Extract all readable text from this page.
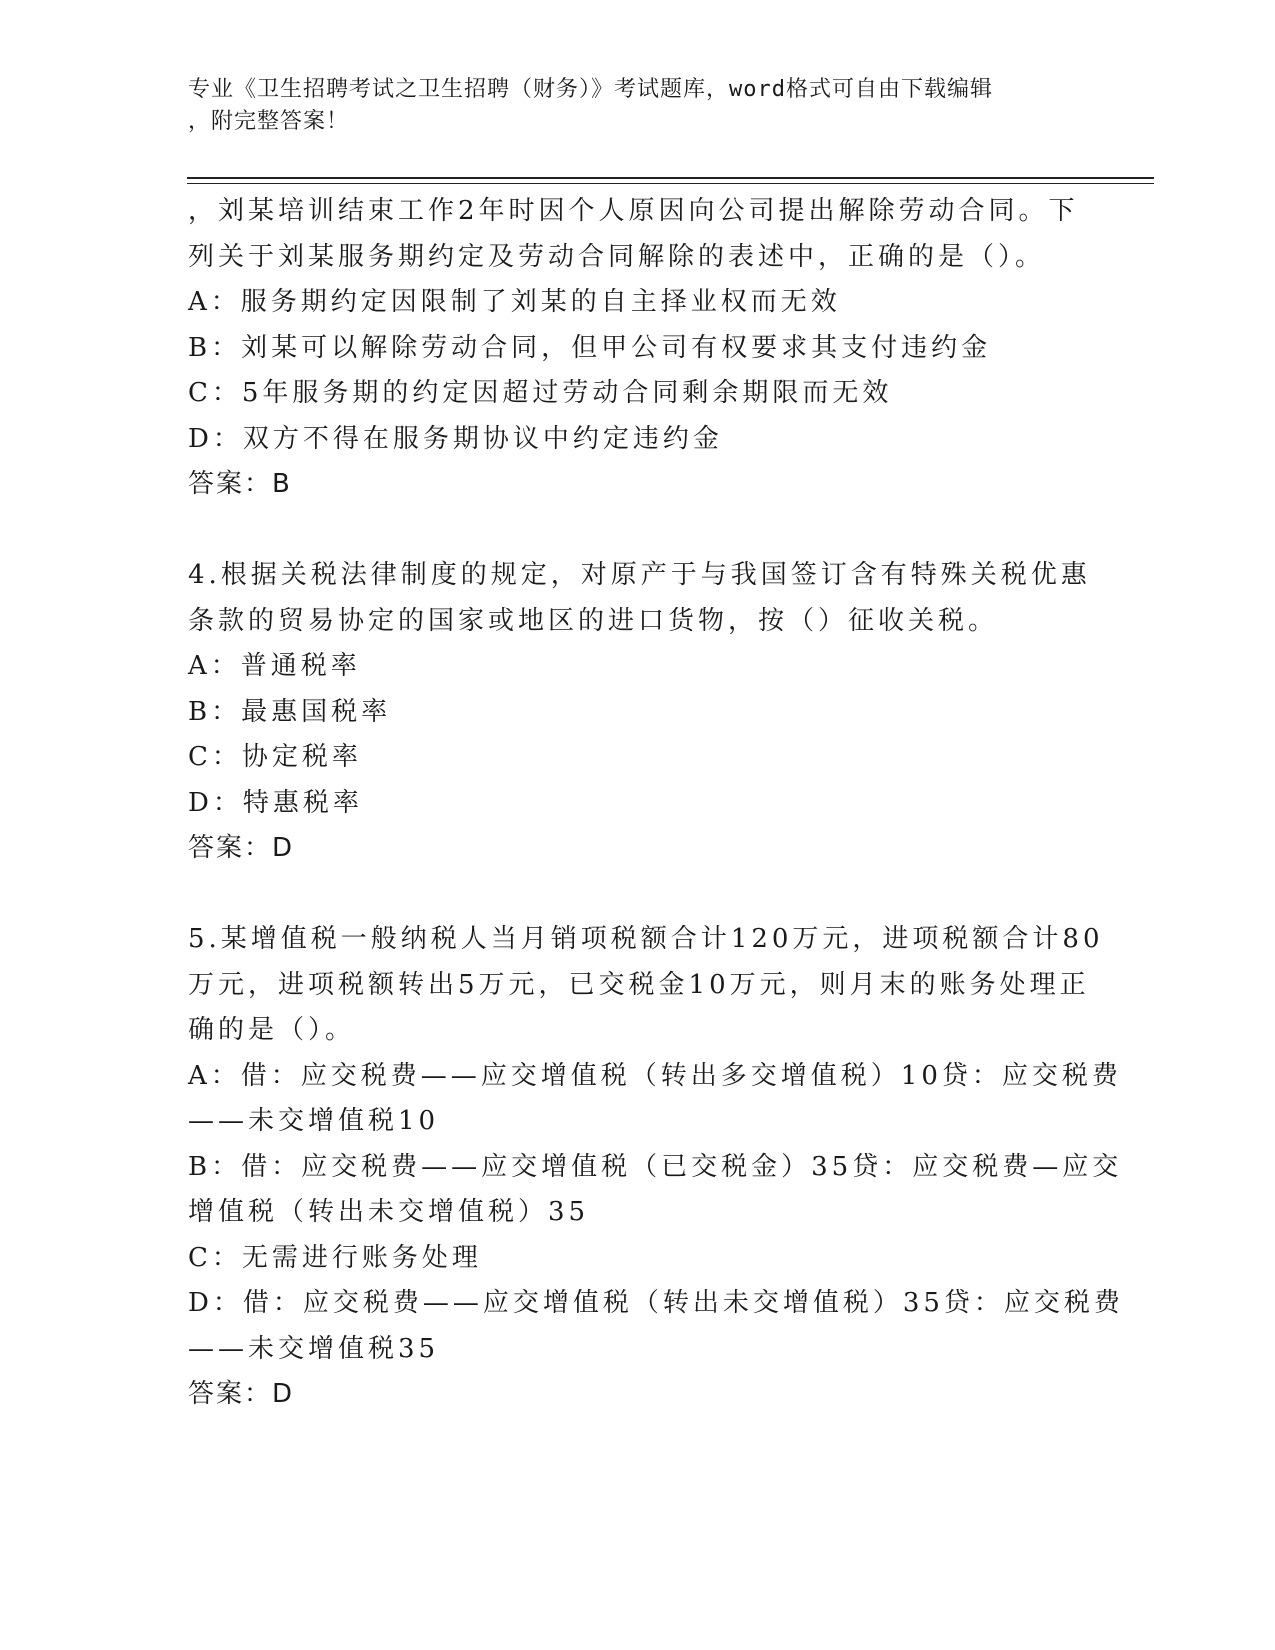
专业《卫生招聘考试之卫生招聘（财务）》考试题库，word格式可自由下载编辑
，附完整答案！
，刘某培训结束工作2年时因个人原因向公司提出解除劳动合同。下
列关于刘某服务期约定及劳动合同解除的表述中，正确的是（）。
A：服务期约定因限制了刘某的自主择业权而无效
B：刘某可以解除劳动合同，但甲公司有权要求其支付违约金
C：5年服务期的约定因超过劳动合同剩余期限而无效
D：双方不得在服务期协议中约定违约金
答案：B
4.根据关税法律制度的规定，对原产于与我国签订含有特殊关税优惠
条款的贸易协定的国家或地区的进口货物，按（）征收关税。
A：普通税率
B：最惠国税率
C：协定税率
D：特惠税率
答案：D
5.某增值税一般纳税人当月销项税额合计120万元，进项税额合计80
万元，进项税额转出5万元，已交税金10万元，则月末的账务处理正
确的是（）。
A：借：应交税费——应交增值税（转出多交增值税）10贷：应交税费
——未交增值税10
B：借：应交税费——应交增值税（已交税金）35贷：应交税费—应交
增值税（转出未交增值税）35
C：无需进行账务处理
D：借：应交税费——应交增值税（转出未交增值税）35贷：应交税费
——未交增值税35
答案：D
